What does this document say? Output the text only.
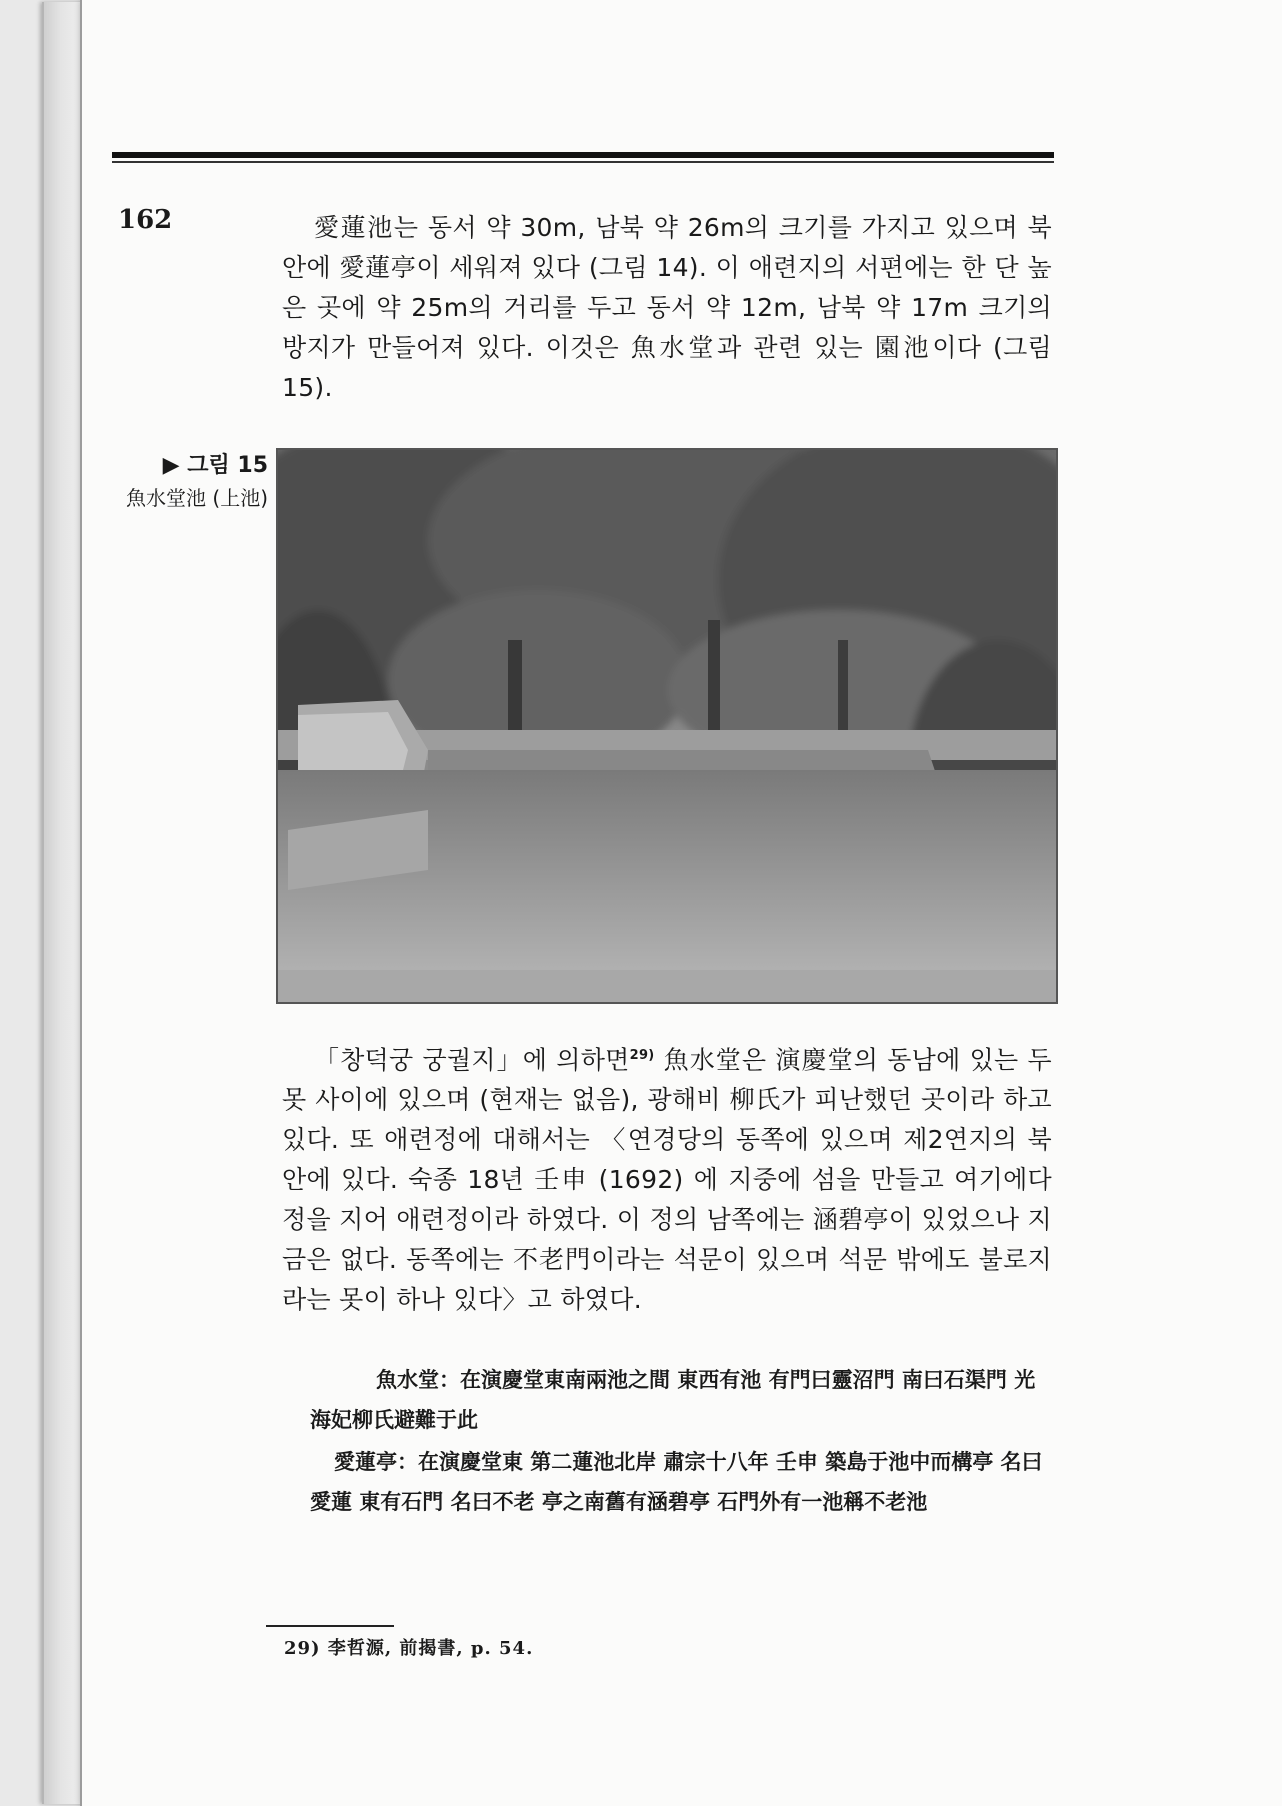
162	愛蓮池는 동서 약 30m, 남북 약 26m의 크기를 가지고 있으며 북안에 愛蓮亭이 세워져 있다 (그림 14). 이 애련지의 서편에는 한 단 높은 곳에 약 25m의 거리를 두고 동서 약 12m, 남북 약 17m 크기의 방지가 만들어져 있다. 이것은 魚水堂과 관련 있는 園池이다 (그림 15).

▶ 그림 15
魚水堂池 (上池)

「창덕궁 궁궐지」에 의하면$^{29)}$ 魚水堂은 演慶堂의 동남에 있는 두 못 사이에 있으며 (현재는 없음), 광해비 柳氏가 피난했던 곳이라 하고 있다. 또 애련정에 대해서는 〈연경당의 동쪽에 있으며 제2연지의 북안에 있다. 숙종 18년 壬申 (1692) 에 지중에 섬을 만들고 여기에다 정을 지어 애련정이라 하였다. 이 정의 남쪽에는 涵碧亭이 있었으나 지금은 없다. 동쪽에는 不老門이라는 석문이 있으며 석문 밖에도 불로지라는 못이 하나 있다〉고 하였다.

魚水堂：在演慶堂東南兩池之間 東西有池 有門曰靈沼門 南曰石渠門 光海妃柳氏避難于此

愛蓮亭：在演慶堂東 第二蓮池北岸 肅宗十八年 壬申 築島于池中而構亭 名曰愛蓮 東有石門 名曰不老 亭之南舊有涵碧亭 石門外有一池稱不老池

29) 李哲源, 前揭書, p. 54.
